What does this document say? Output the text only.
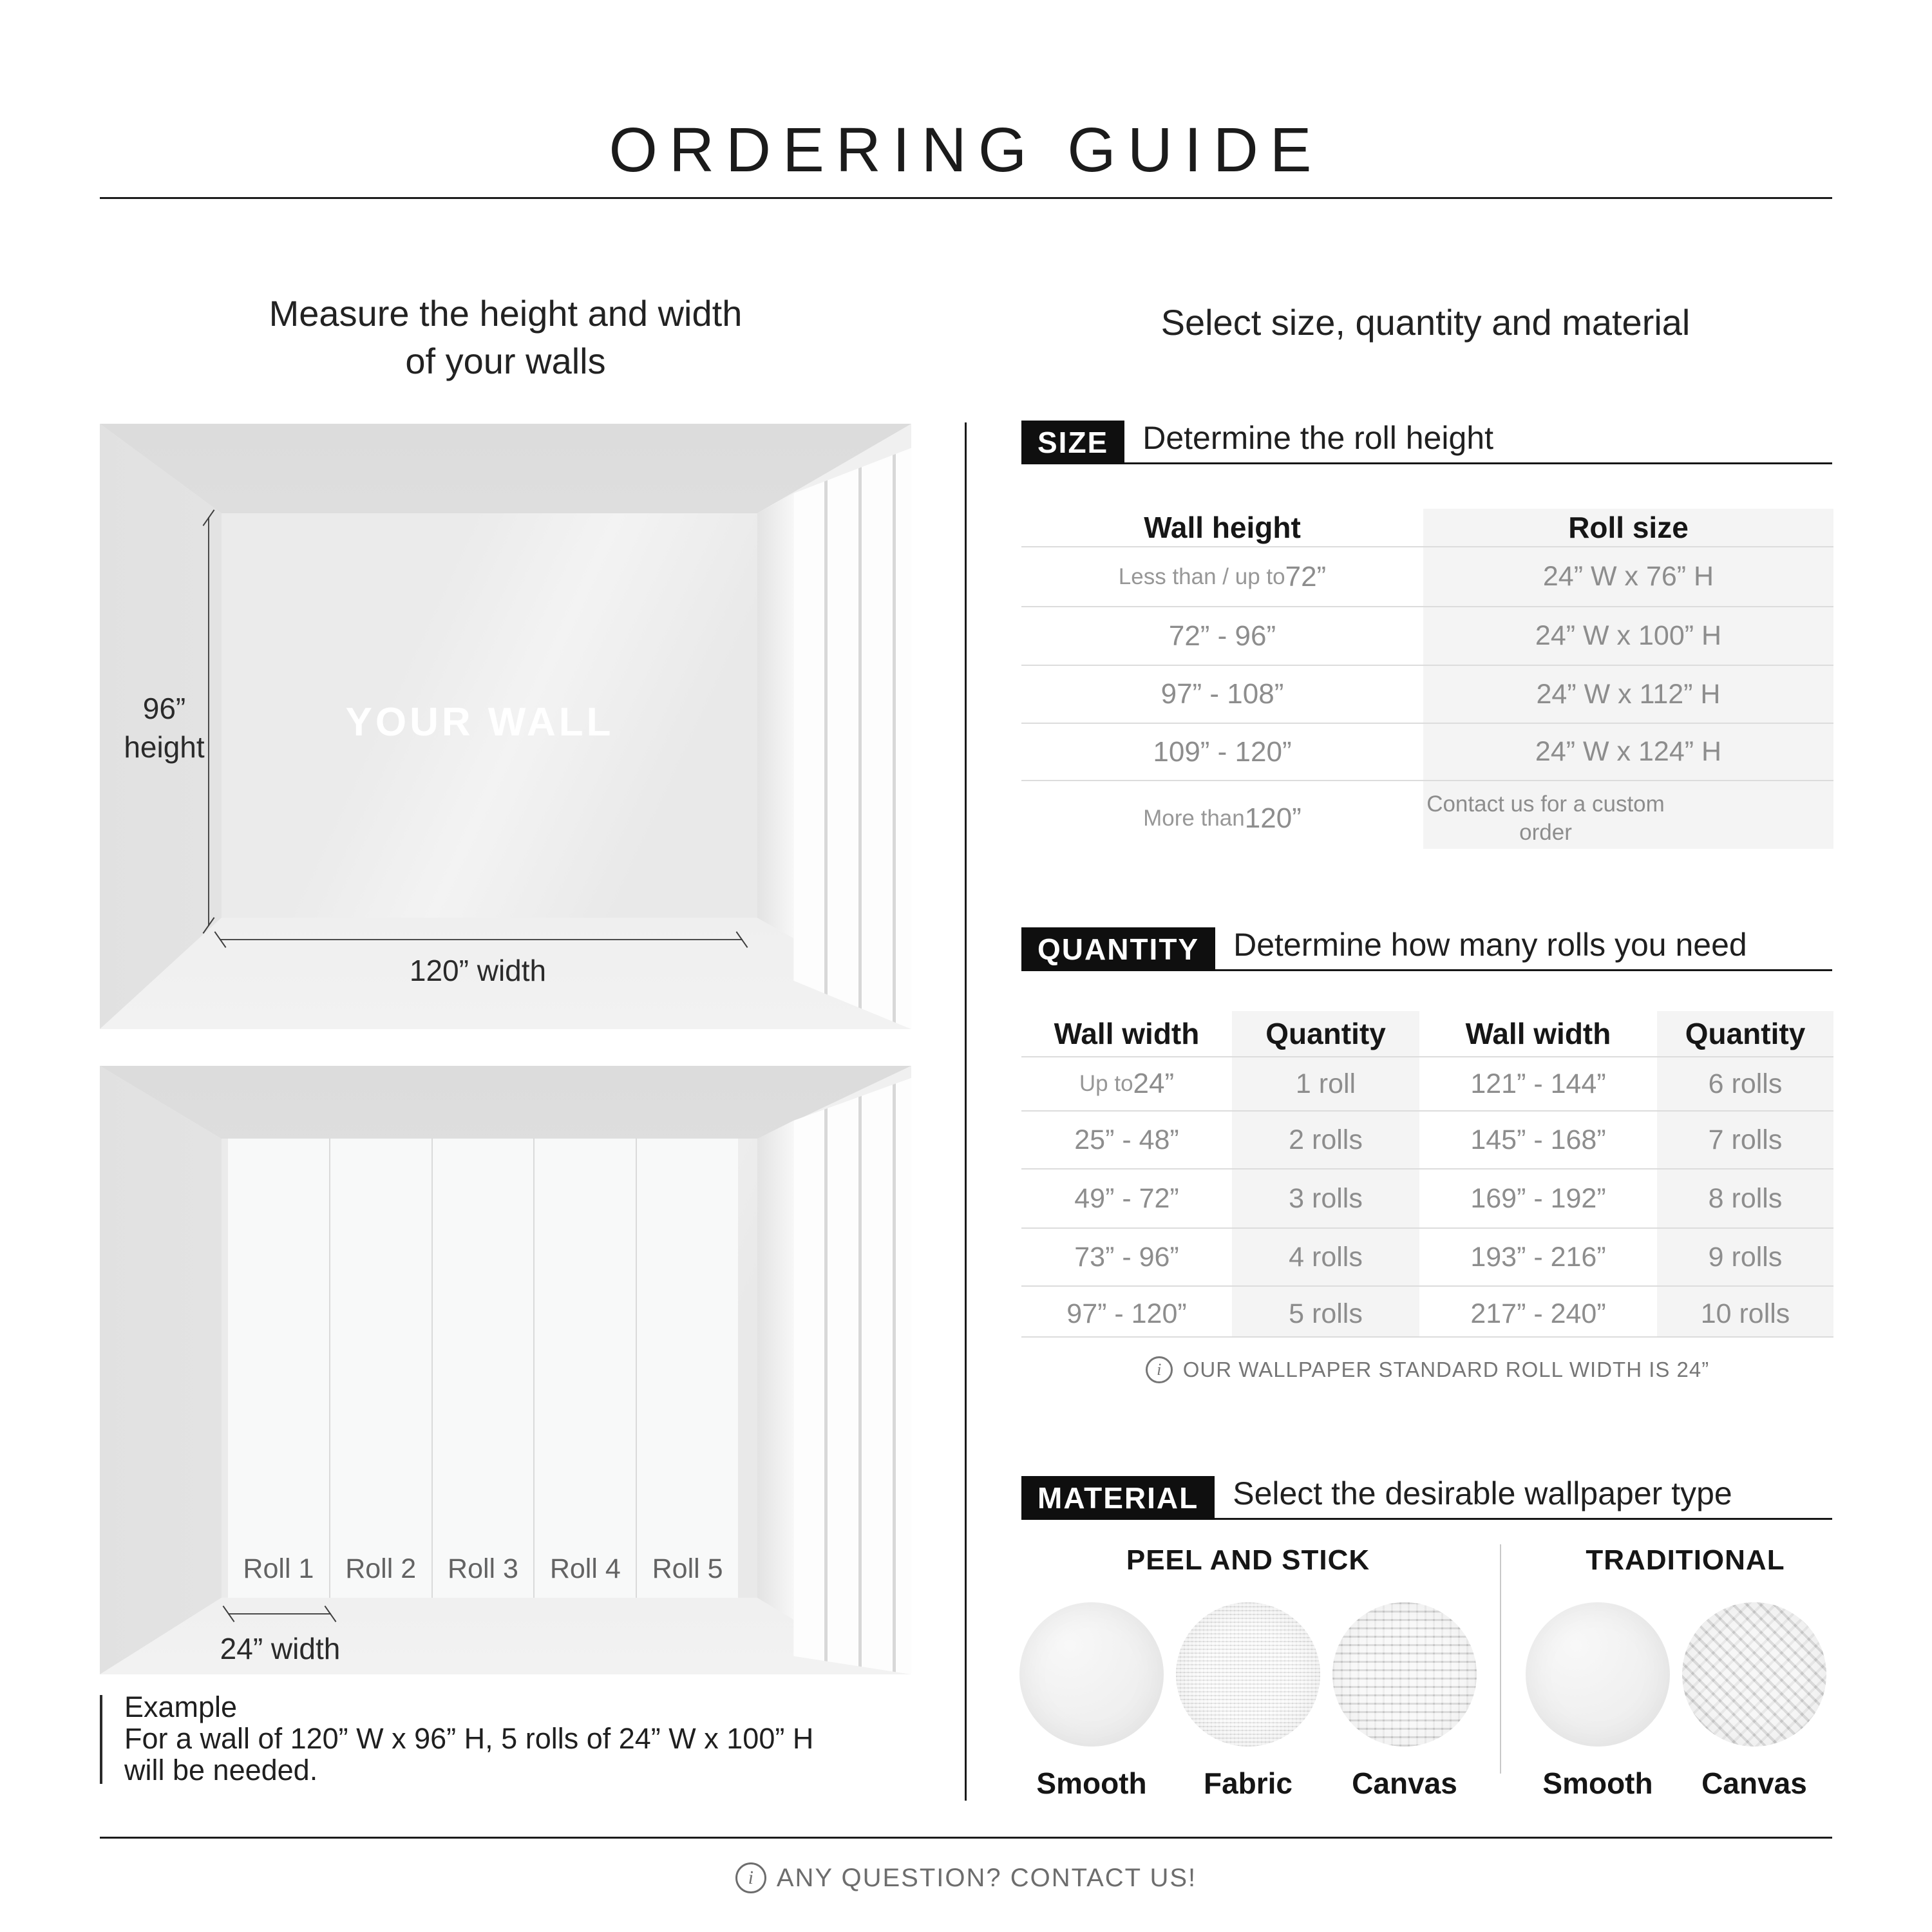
ORDERING GUIDE
Measure the height and width
of your walls
96”
height
YOUR WALL
120” width
Roll 1	Roll 2	Roll 3	Roll 4	Roll 5
24” width
Example
For a wall of 120” W x 96” H, 5 rolls of 24” W x 100” H
will be needed.
Select size, quantity and material
SIZE	Determine the roll height
Wall height	Roll size
Less than / up to 72”	24” W x 76” H
72” - 96”	24” W x 100” H
97” - 108”	24” W x 112” H
109” - 120”	24” W x 124” H
More than 120”	Contact us for a custom order
QUANTITY	Determine how many rolls you need
Wall width	Quantity	Wall width	Quantity
Up to 24”	1 roll	121” - 144”	6 rolls
25” - 48”	2 rolls	145” - 168”	7 rolls
49” - 72”	3 rolls	169” - 192”	8 rolls
73” - 96”	4 rolls	193” - 216”	9 rolls
97” - 120”	5 rolls	217” - 240”	10 rolls
i	OUR WALLPAPER STANDARD ROLL WIDTH IS 24”
MATERIAL	Select the desirable wallpaper type
PEEL AND STICK	TRADITIONAL
Smooth	Fabric	Canvas	Smooth	Canvas
i ANY QUESTION? CONTACT US!
